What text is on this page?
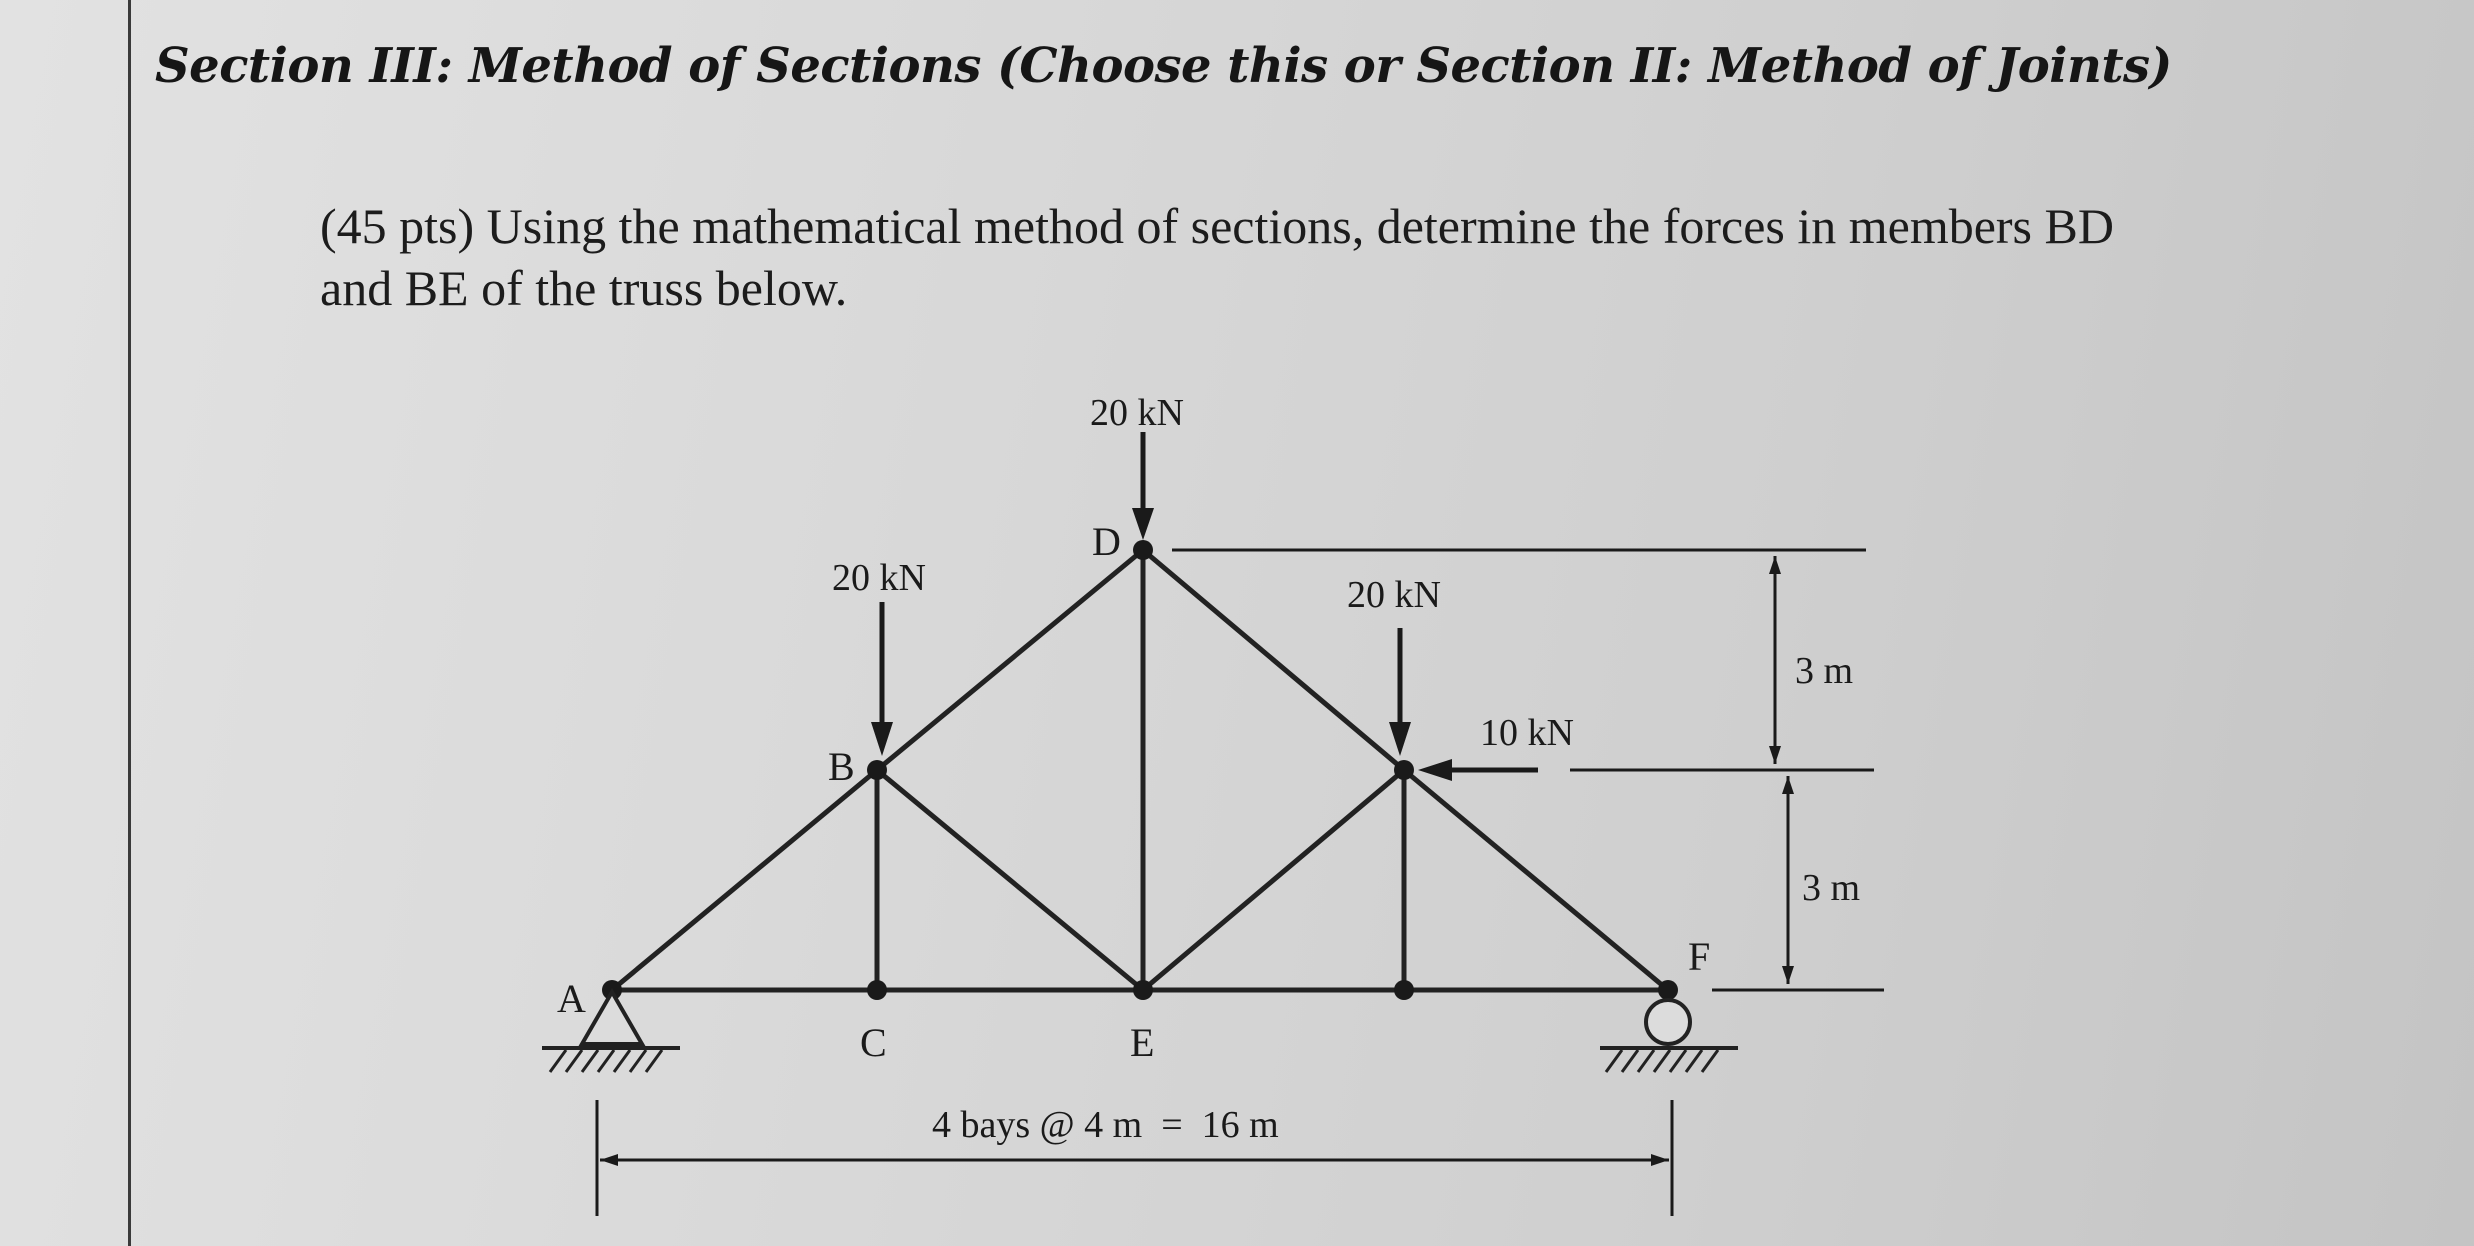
Section III: Method of Sections (Choose this or Section II: Method of Joints)
(45 pts) Using the mathematical method of sections, determine the forces in members BD and BE of the truss below.
A
B
C
D
E
F
20 kN
20 kN	20 kN
10 kN
3 m
3 m
4 bays @ 4 m  =  16 m
